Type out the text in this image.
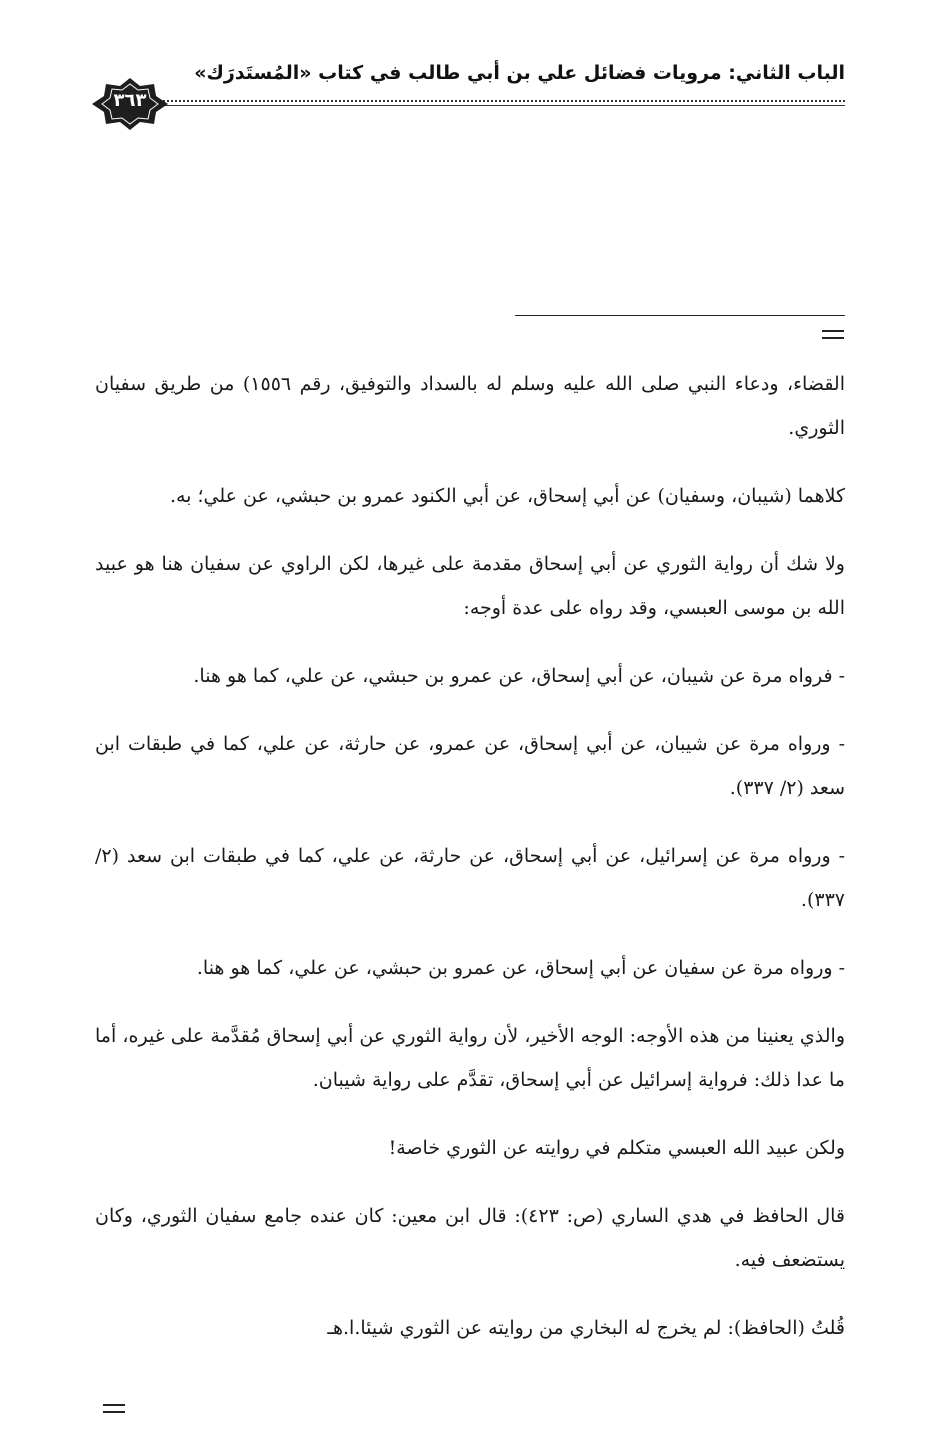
الباب الثاني: مرويات فضائل علي بن أبي طالب في كتاب «المُستَدرَك»
٣٦٣

القضاء، ودعاء النبي صلى الله عليه وسلم له بالسداد والتوفيق، رقم ١٥٥٦) من طريق سفيان الثوري.

كلاهما (شيبان، وسفيان) عن أبي إسحاق، عن أبي الكنود عمرو بن حبشي، عن علي؛ به.

ولا شك أن رواية الثوري عن أبي إسحاق مقدمة على غيرها، لكن الراوي عن سفيان هنا هو عبيد الله بن موسى العبسي، وقد رواه على عدة أوجه:

- فرواه مرة عن شيبان، عن أبي إسحاق، عن عمرو بن حبشي، عن علي، كما هو هنا.

- ورواه مرة عن شيبان، عن أبي إسحاق، عن عمرو، عن حارثة، عن علي، كما في طبقات ابن سعد (٢/ ٣٣٧).

- ورواه مرة عن إسرائيل، عن أبي إسحاق، عن حارثة، عن علي، كما في طبقات ابن سعد (٢/ ٣٣٧).

- ورواه مرة عن سفيان عن أبي إسحاق، عن عمرو بن حبشي، عن علي، كما هو هنا.

والذي يعنينا من هذه الأوجه: الوجه الأخير، لأن رواية الثوري عن أبي إسحاق مُقدَّمة على غيره، أما ما عدا ذلك: فرواية إسرائيل عن أبي إسحاق، تقدَّم على رواية شيبان.

ولكن عبيد الله العبسي متكلم في روايته عن الثوري خاصة!

قال الحافظ في هدي الساري (ص: ٤٢٣): قال ابن معين: كان عنده جامع سفيان الثوري، وكان يستضعف فيه.

قُلتُ (الحافظ): لم يخرج له البخاري من روايته عن الثوري شيئا.ا.هـ
